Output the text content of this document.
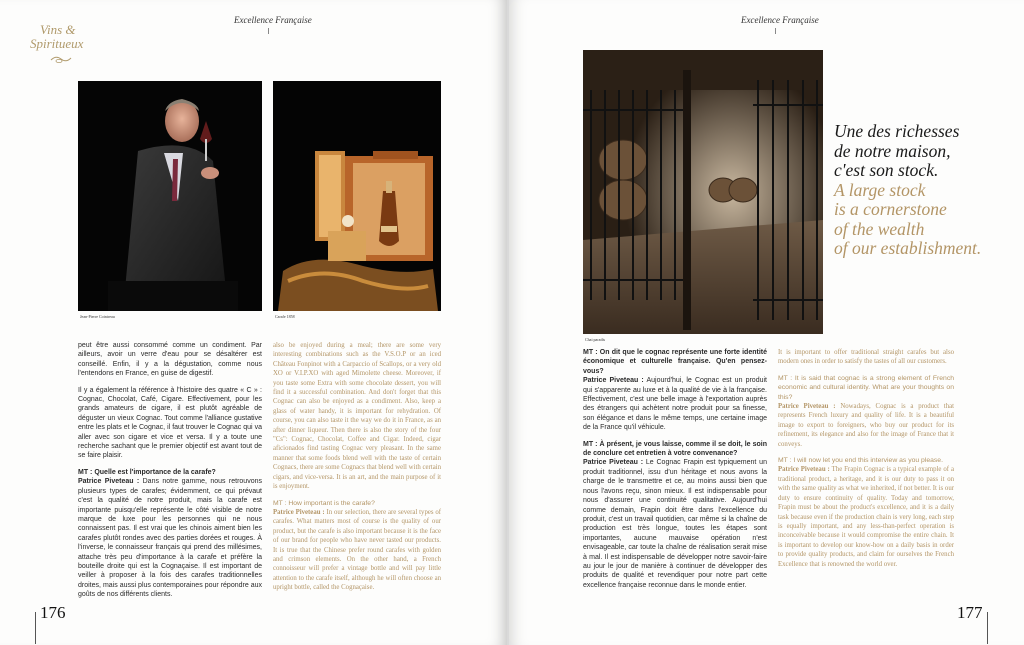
Vins &
Spiritueux
Excellence Française
Jean-Pierre Cointreau	Carafe 1858

peut être aussi consommé comme un condiment. Par ailleurs, avoir un verre d'eau pour se désaltérer est conseillé. Enfin, il y a la dégustation, comme nous l'entendons en France, en guise de digestif.

Il y a également la référence à l'histoire des quatre « C » : Cognac, Chocolat, Café, Cigare. Effectivement, pour les grands amateurs de cigare, il est plutôt agréable de déguster un vieux Cognac. Tout comme l'alliance gustative entre les plats et le Cognac, il faut trouver le Cognac qui va aller avec son cigare et vice et versa. Il y a toute une recherche sachant que le premier objectif est avant tout de se faire plaisir.

MT : Quelle est l'importance de la carafe?
Patrice Piveteau : Dans notre gamme, nous retrouvons plusieurs types de carafes; évidemment, ce qui prévaut c'est la qualité de notre produit, mais la carafe est importante puisqu'elle représente le côté visible de notre marque de luxe pour les personnes qui ne nous connaissent pas. Il est vrai que les chinois aiment bien les carafes plutôt rondes avec des parties dorées et rouges. À l'inverse, le connaisseur français qui prend des millésimes, attache très peu d'importance à la carafe et préfère la bouteille droite qui est la Cognaçaise. Il est important de veiller à proposer à la fois des carafes traditionnelles droites, mais aussi plus contemporaines pour répondre aux goûts de nos différents clients.

also be enjoyed during a meal; there are some very interesting combinations such as the V.S.O.P or an iced Château Fonpinot with a Carpaccio of Scallops, or a very old XO or V.I.P.XO with aged Mimolette cheese. Moreover, if you taste some Extra with some chocolate dessert, you will find it a successful combination. And don't forget that this Cognac can also be enjoyed as a condiment. Also, keep a glass of water handy, it is important for rehydration. Of course, you can also taste it the way we do it in France, as an after dinner liqueur. Then there is also the story of the four "Cs": Cognac, Chocolat, Coffee and Cigar. Indeed, cigar aficionados find tasting Cognac very pleasant. In the same manner that some foods blend well with the taste of certain Cognacs, there are some Cognacs that blend well with certain cigars, and vice-versa. It is an art, and the main purpose of it is enjoyment.

MT : How important is the carafe?
Patrice Piveteau : In our selection, there are several types of carafes. What matters most of course is the quality of our product, but the carafe is also important because it is the face of our brand for people who have never tasted our products. It is true that the Chinese prefer round carafes with golden and crimson elements. On the other hand, a French connoisseur will prefer a vintage bottle and will pay little attention to the carafe itself, although he will often choose an upright bottle, called the Cognaçaise.

176
Excellence Française
Chai paradis
Une des richesses
de notre maison,
c'est son stock.
A large stock
is a cornerstone
of the wealth
of our establishment.

MT : On dit que le cognac représente une forte identité économique et culturelle française. Qu'en pensez-vous?
Patrice Piveteau : Aujourd'hui, le Cognac est un produit qui s'apparente au luxe et à la qualité de vie à la française. Effectivement, c'est une belle image à l'exportation auprès des étrangers qui achètent notre produit pour sa finesse, son élégance et dans le même temps, une certaine image de la France qu'il véhicule.

MT : À présent, je vous laisse, comme il se doit, le soin de conclure cet entretien à votre convenance?
Patrice Piveteau : Le Cognac Frapin est typiquement un produit traditionnel, issu d'un héritage et nous avons la charge de le transmettre et ce, au moins aussi bien que nous l'avons reçu, sinon mieux. Il est indispensable pour nous d'assurer une continuité qualitative. Aujourd'hui comme demain, Frapin doit être dans l'excellence du produit, c'est un travail quotidien, car même si la chaîne de production est très longue, toutes les étapes sont importantes, aucune mauvaise opération n'est envisageable, car toute la chaîne de réalisation serait mise à mal. Il est indispensable de développer notre savoir-faire au jour le jour de manière à continuer de développer des produits de qualité et revendiquer pour notre part cette excellence française reconnue dans le monde entier.

It is important to offer traditional straight carafes but also modern ones in order to satisfy the tastes of all our customers.

MT : It is said that cognac is a strong element of French economic and cultural identity. What are your thoughts on this?
Patrice Piveteau : Nowadays, Cognac is a product that represents French luxury and quality of life. It is a beautiful image to export to foreigners, who buy our product for its refinement, its elegance and also for the image of France that it conveys.

MT : I will now let you end this interview as you please.
Patrice Piveteau : The Frapin Cognac is a typical example of a traditional product, a heritage, and it is our duty to pass it on with the same quality as what we inherited, if not better. It is our duty to ensure continuity of quality. Today and tomorrow, Frapin must be about the product's excellence, and it is a daily task because even if the production chain is very long, each step is equally important, and any less-than-perfect operation is inconceivable because it would compromise the entire chain. It is important to develop our know-how on a daily basis in order to provide quality products, and claim for ourselves the French Excellence that is renowned the world over.

177
